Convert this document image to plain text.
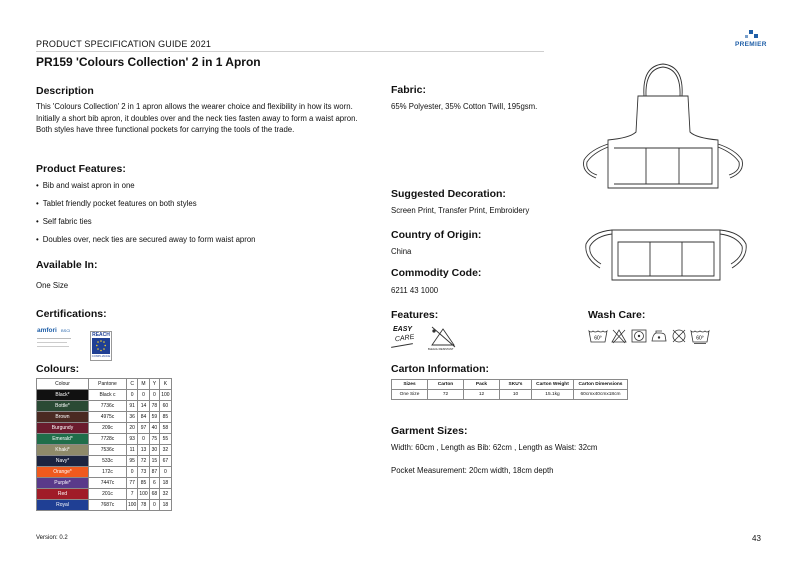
PRODUCT SPECIFICATION GUIDE 2021	PREMIER
PR159 'Colours Collection' 2 in 1 Apron
Description
This 'Colours Collection' 2 in 1 apron allows the wearer choice and flexibility in how its worn. Initially a short bib apron, it doubles over and the neck ties fasten away to form a waist apron. Both styles have three functional pockets for carrying the tools of the trade.
Product Features:
• Bib and waist apron in one
• Tablet friendly pocket features on both styles
• Self fabric ties
• Doubles over, neck ties are secured away to form waist apron
Available In:
One Size
Certifications:
amfori BSCI
REACH
COMPLIANCE
Colours:
Colour	Pantone	C	M	Y	K
Black*	Black c	0	0	0	100
Bottle*	7736c	91	14	78	60
Brown	4975c	36	84	59	85
Burgundy	209c	20	97	40	58
Emerald*	7728c	93	0	75	55
Khaki*	7536c	11	13	30	32
Navy*	533c	95	72	15	67
Orange*	172c	0	73	87	0
Purple*	7447c	77	85	6	18
Red	201c	7	100	68	32
Royal	7687c	100	78	0	18
Fabric:
65% Polyester, 35% Cotton Twill, 195gsm.
Suggested Decoration:
Screen Print, Transfer Print, Embroidery
Country of Origin:
China
Commodity Code:
6211 43 1000
Features:
EASY
CARE
BLEACH RESISTANT
Wash Care:
60°	60°
Carton Information:
Sizes	Carton	Pack	SKU's	Carton Weight	Carton Dimensions
One Size	72	12	10	15.1kg	60cmx40cmx18cm
Garment Sizes:
Width: 60cm , Length as Bib: 62cm , Length as Waist: 32cm
Pocket Measurement: 20cm width, 18cm depth
Version: 0.2	43
